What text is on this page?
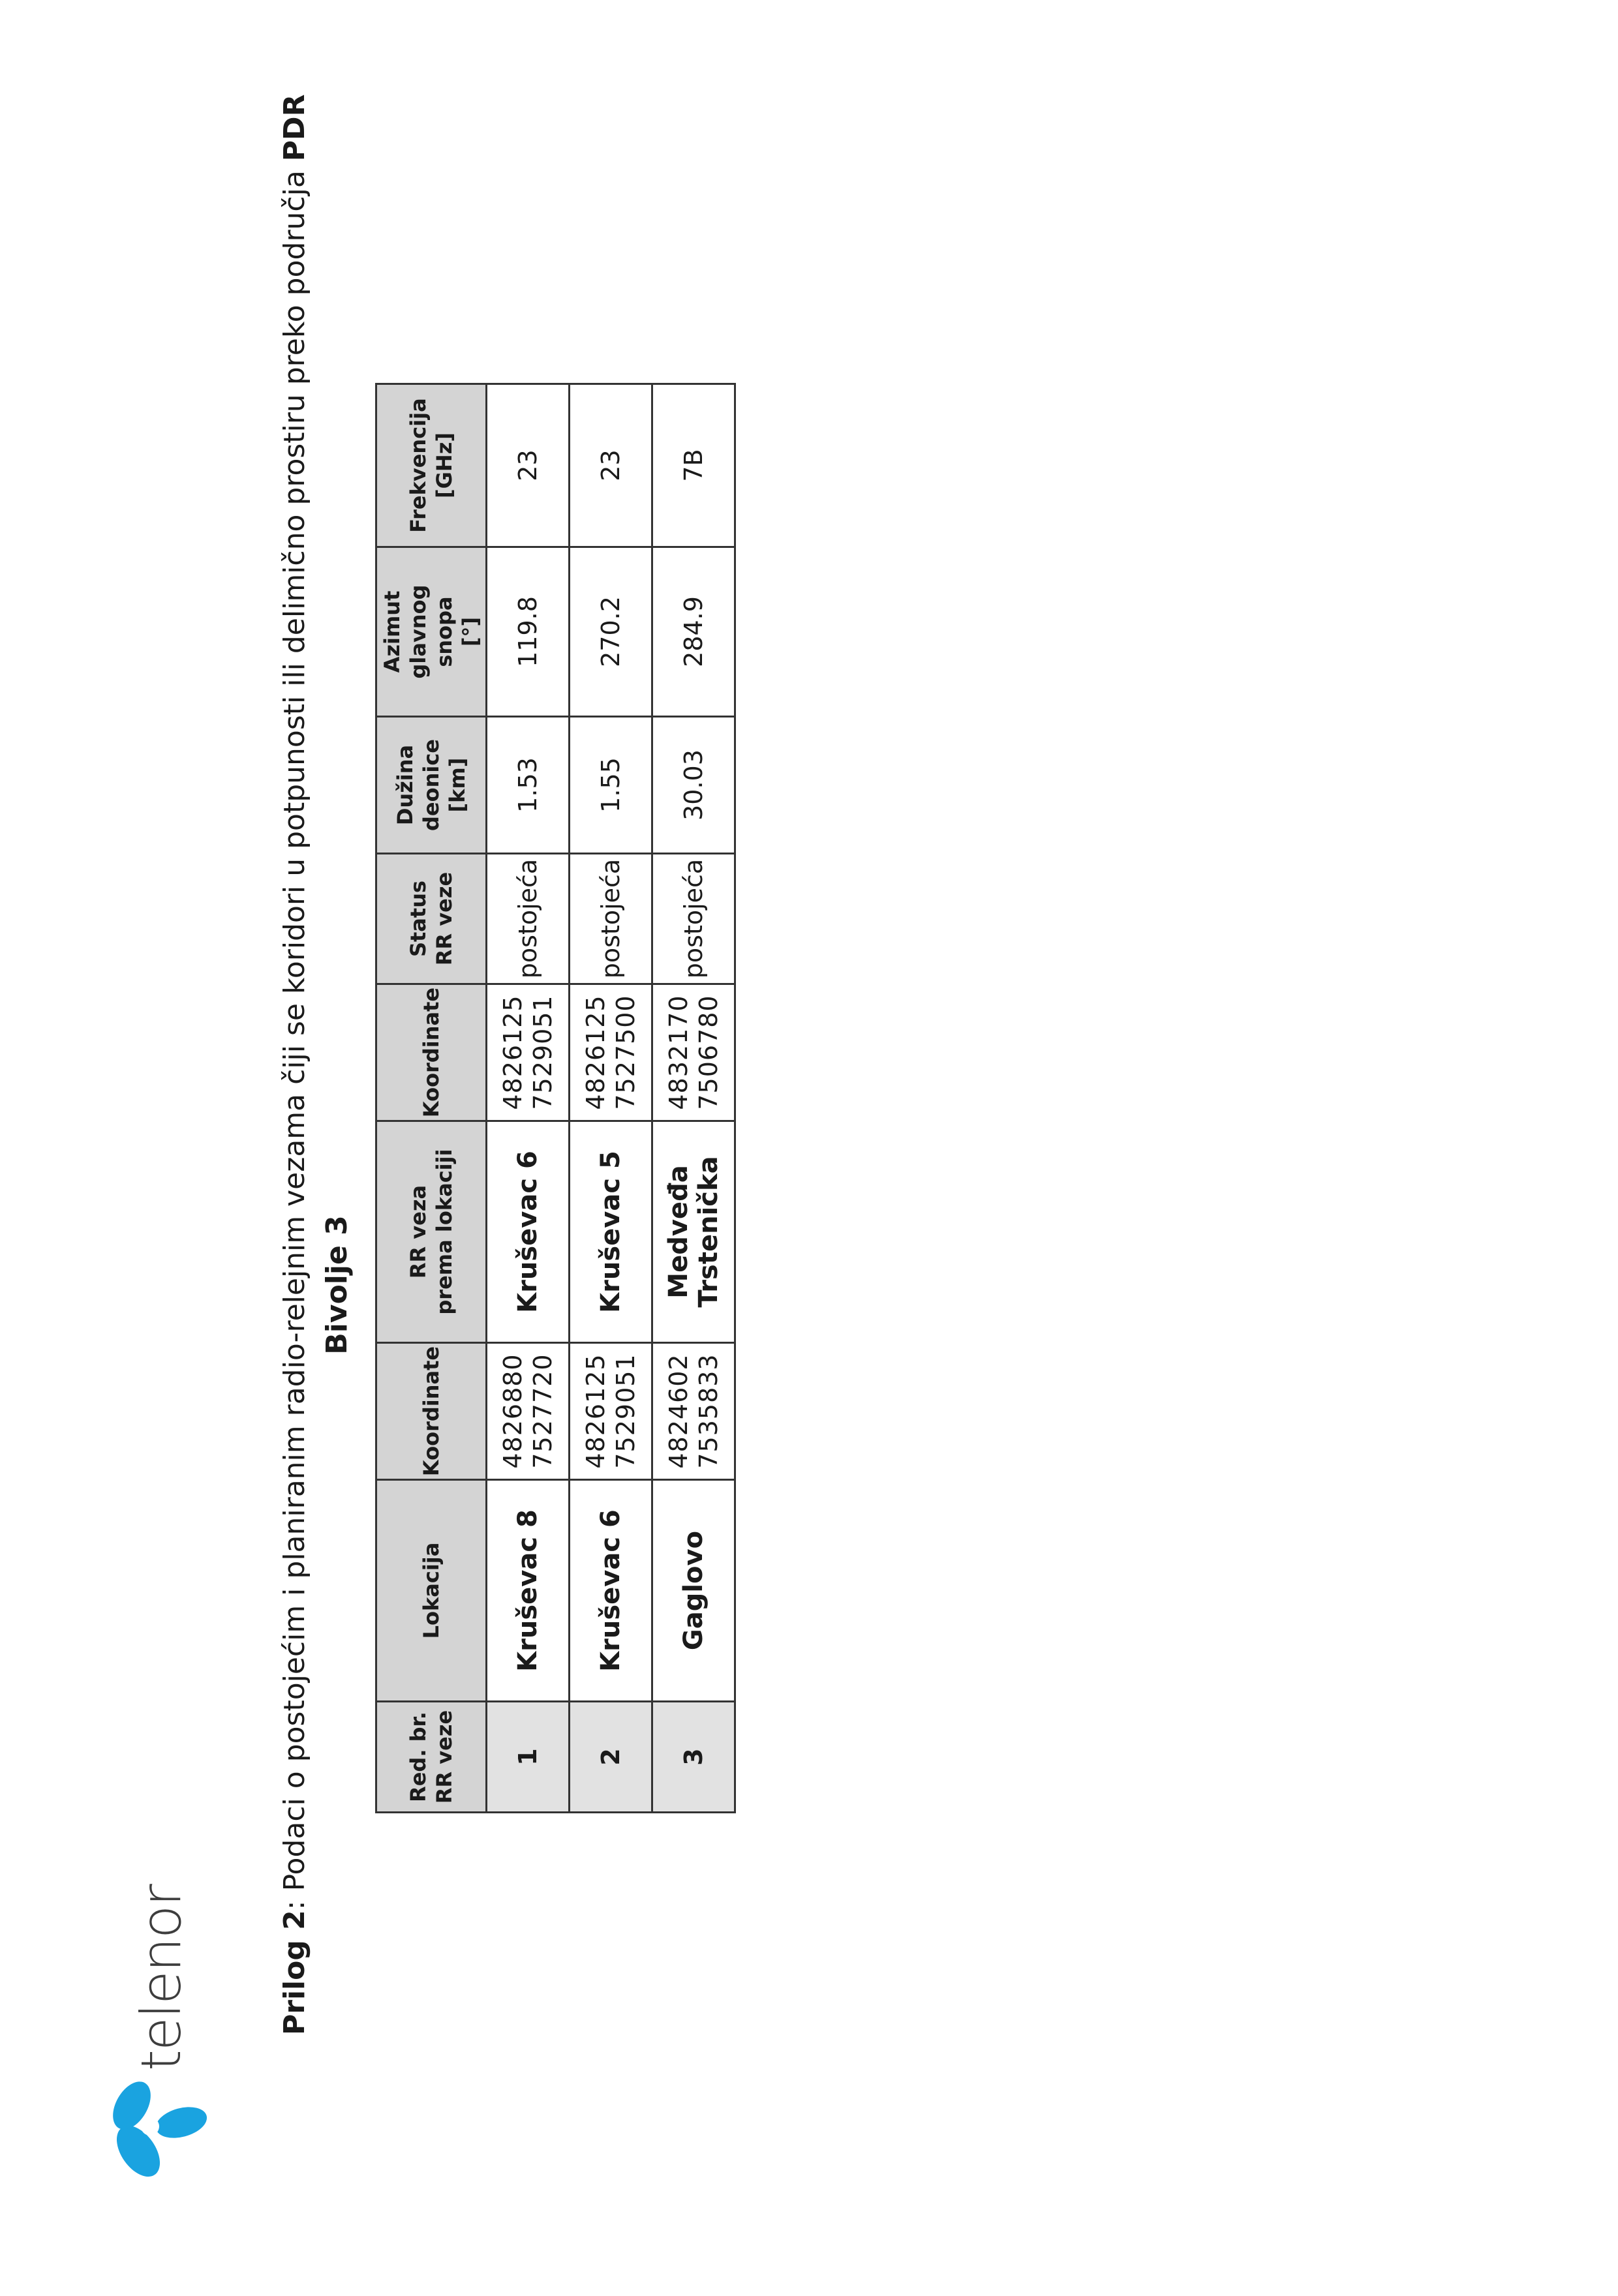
telenor	Prilog 2: Podaci o postojećim i planiranim radio-relejnim vezama čiji se koridori u potpunosti ili delimično prostiru preko područja PDR
Bivolje 3
Red. br. RR veze	Lokacija	Koordinate	RR veza prema lokaciji	Koordinate	Status RR veze	Dužina deonice [km]	Azimut glavnog snopa [°]	Frekvencija [GHz]

1	Kruševac 8	4826880 7527720	Kruševac 6	4826125 7529051	postojeća	1.53	119.8	23
2	Kruševac 6	4826125 7529051	Kruševac 5	4826125 7527500	postojeća	1.55	270.2	23
3	Gaglovo	4824602 7535833	Medveđa Trstenička	4832170 7506780	postojeća	30.03	284.9	7B
